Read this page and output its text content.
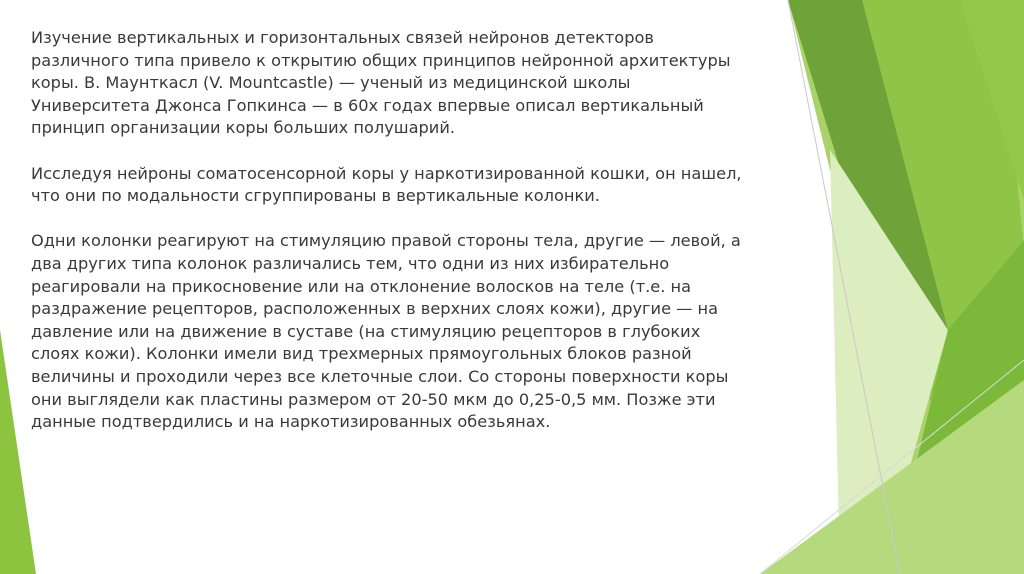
Изучение вертикальных и горизонтальных связей нейронов детекторов различного типа привело к открытию общих принципов нейронной архитектуры коры. В. Маунткасл (V. Mountcastle) — ученый из медицинской школы Университета Джонса Гопкинса — в 60х годах впервые описал вертикальный принцип организации коры больших полушарий.

Исследуя нейроны соматосенсорной коры у наркотизированной кошки, он нашел, что они по модальности сгруппированы в вертикальные колонки.

Одни колонки реагируют на стимуляцию правой стороны тела, другие — левой, а два других типа колонок различались тем, что одни из них избирательно реагировали на прикосновение или на отклонение волосков на теле (т.е. на раздражение рецепторов, расположенных в верхних слоях кожи), другие — на давление или на движение в суставе (на стимуляцию рецепторов в глубоких слоях кожи). Колонки имели вид трехмерных прямоугольных блоков разной величины и проходили через все клеточные слои. Со стороны поверхности коры они выглядели как пластины размером от 20-50 мкм до 0,25-0,5 мм. Позже эти данные подтвердились и на наркотизированных обезьянах.
